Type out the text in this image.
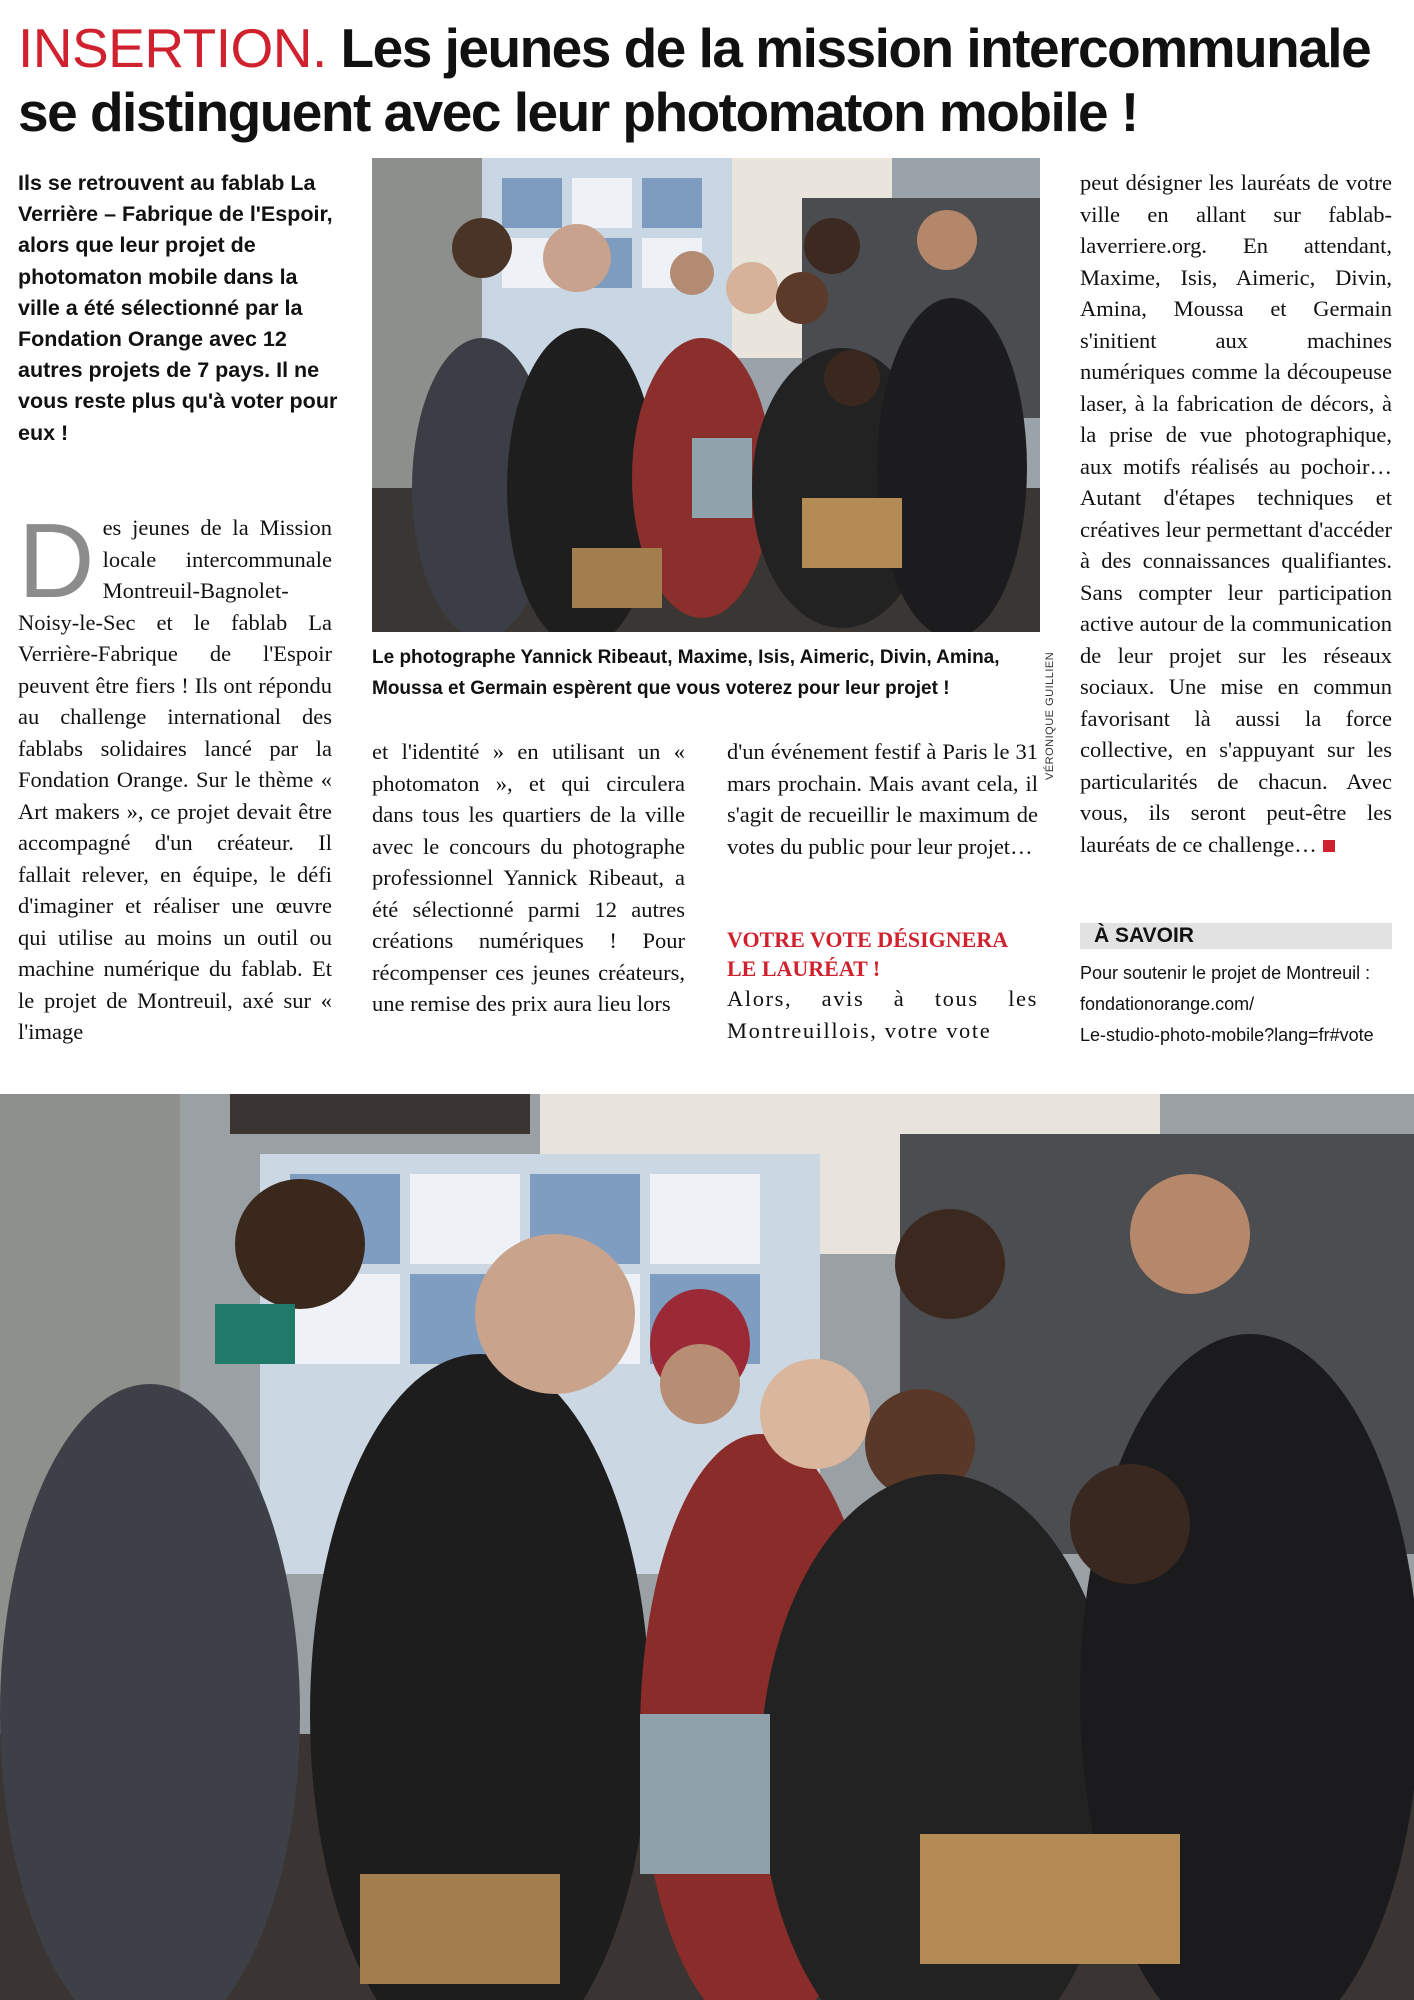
INSERTION. Les jeunes de la mission intercommunale se distinguent avec leur photomaton mobile !
Ils se retrouvent au fablab La Verrière – Fabrique de l'Espoir, alors que leur projet de photomaton mobile dans la ville a été sélectionné par la Fondation Orange avec 12 autres projets de 7 pays. Il ne vous reste plus qu'à voter pour eux !
VÉRONIQUE GUILLIEN
Le photographe Yannick Ribeaut, Maxime, Isis, Aimeric, Divin, Amina, Moussa et Germain espèrent que vous voterez pour leur projet !
D es jeunes de la Mission locale intercommunale Montreuil-Bagnolet-Noisy-le-Sec et le fablab La Verrière-Fabrique de l'Espoir peuvent être fiers ! Ils ont répondu au challenge international des fablabs solidaires lancé par la Fondation Orange. Sur le thème « Art makers », ce projet devait être accompagné d'un créateur. Il fallait relever, en équipe, le défi d'imaginer et réaliser une œuvre qui utilise au moins un outil ou machine numérique du fablab. Et le projet de Montreuil, axé sur « l'image
et l'identité » en utilisant un « photomaton », et qui circulera dans tous les quartiers de la ville avec le concours du photographe professionnel Yannick Ribeaut, a été sélectionné parmi 12 autres créations numériques ! Pour récompenser ces jeunes créateurs, une remise des prix aura lieu lors
d'un événement festif à Paris le 31 mars prochain. Mais avant cela, il s'agit de recueillir le maximum de votes du public pour leur projet…
VOTRE VOTE DÉSIGNERA LE LAURÉAT !
Alors, avis à tous les Montreuillois, votre vote
peut désigner les lauréats de votre ville en allant sur fablab-laverriere.org. En attendant, Maxime, Isis, Aimeric, Divin, Amina, Moussa et Germain s'initient aux machines numériques comme la découpeuse laser, à la fabrication de décors, à la prise de vue photographique, aux motifs réalisés au pochoir… Autant d'étapes techniques et créatives leur permettant d'accéder à des connaissances qualifiantes. Sans compter leur participation active autour de la communication de leur projet sur les réseaux sociaux. Une mise en commun favorisant là aussi la force collective, en s'appuyant sur les particularités de chacun. Avec vous, ils seront peut-être les lauréats de ce challenge…
À SAVOIR
Pour soutenir le projet de Montreuil :
fondationorange.com/
Le-studio-photo-mobile?lang=fr#vote
